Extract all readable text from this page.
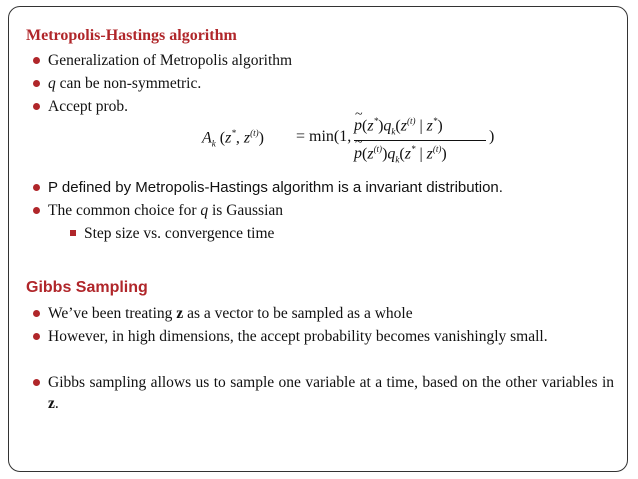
Metropolis-Hastings algorithm
Generalization of Metropolis algorithm
q can be non-symmetric.
Accept prob.
$A_k$ (z*, $z^{(t)}) = \min(1$,
~ $p(z^*)q_k(z^{(t)}$ | z*)
~ $p(z^{(t)})q_k(z^*$ | $z^{(t)}$)
)
P defined by Metropolis-Hastings algorithm is a invariant distribution.
The common choice for q is Gaussian
Step size vs. convergence time
Gibbs Sampling
We’ve been treating z as a vector to be sampled as a whole
However, in high dimensions, the accept probability becomes vanishingly small.
Gibbs sampling allows us to sample one variable at a time, based on the other variables in z.
